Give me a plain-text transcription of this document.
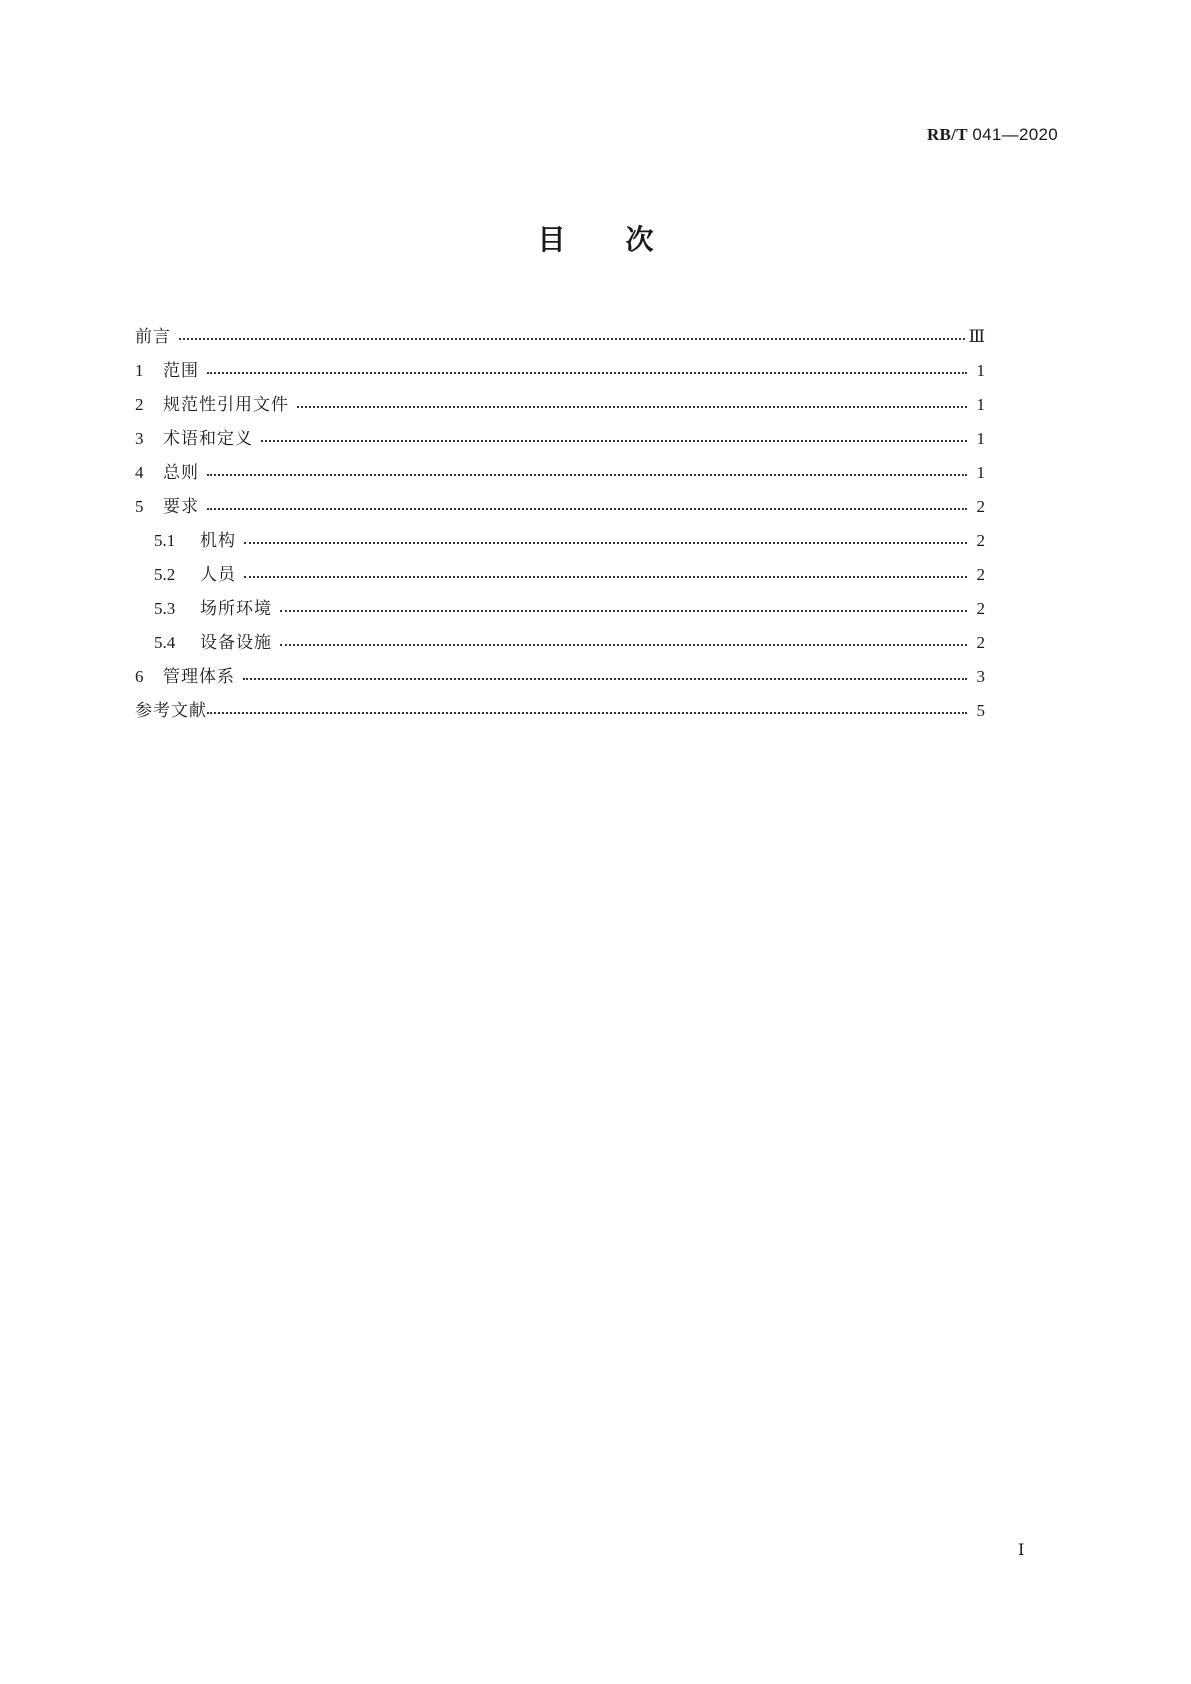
RB/T 041—2020
目次
前言	Ⅲ
1	范围	1
2	规范性引用文件	1
3	术语和定义	1
4	总则	1
5	要求	2
5.1	机构	2
5.2	人员	2
5.3	场所环境	2
5.4	设备设施	2
6	管理体系	3
参考文献	5
Ⅰ
